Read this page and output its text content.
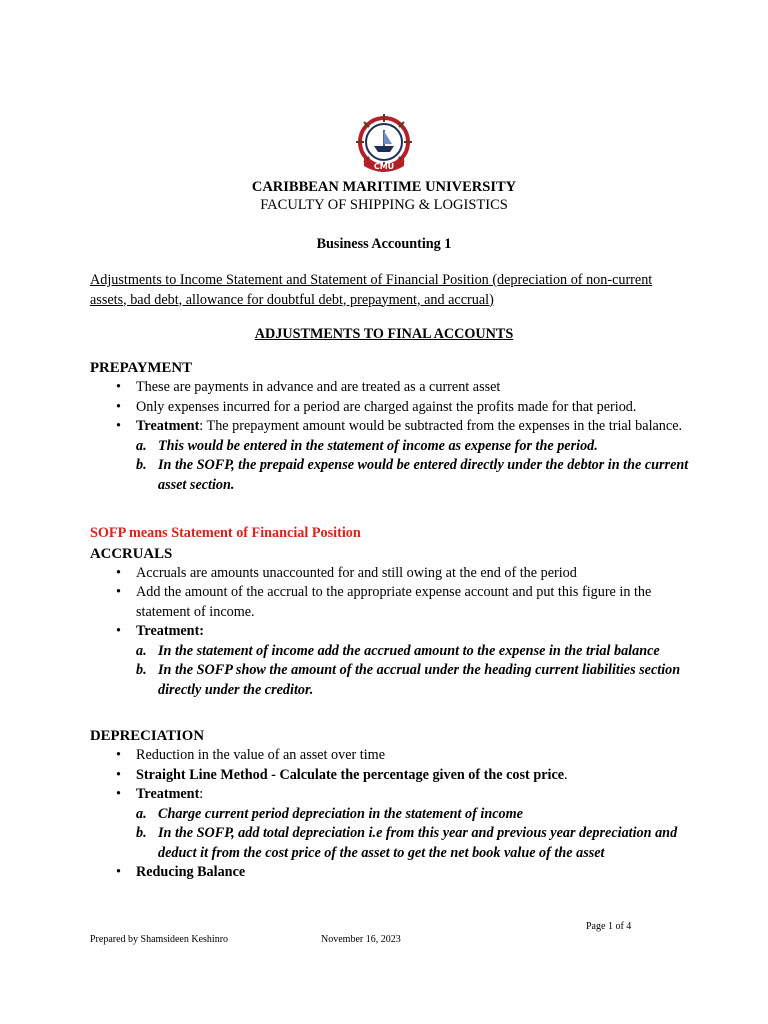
CMU
CARIBBEAN MARITIME UNIVERSITY
FACULTY OF SHIPPING & LOGISTICS
Business Accounting 1
Adjustments to Income Statement and Statement of Financial Position (depreciation of non-current assets, bad debt, allowance for doubtful debt, prepayment, and accrual)
ADJUSTMENTS TO FINAL ACCOUNTS
PREPAYMENT
• These are payments in advance and are treated as a current asset
• Only expenses incurred for a period are charged against the profits made for that period.
• Treatment: The prepayment amount would be subtracted from the expenses in the trial balance.
a. This would be entered in the statement of income as expense for the period.
b. In the SOFP, the prepaid expense would be entered directly under the debtor in the current asset section.
SOFP means Statement of Financial Position
ACCRUALS
• Accruals are amounts unaccounted for and still owing at the end of the period
• Add the amount of the accrual to the appropriate expense account and put this figure in the statement of income.
• Treatment:
a. In the statement of income add the accrued amount to the expense in the trial balance
b. In the SOFP show the amount of the accrual under the heading current liabilities section directly under the creditor.
DEPRECIATION
• Reduction in the value of an asset over time
• Straight Line Method - Calculate the percentage given of the cost price.
• Treatment:
a. Charge current period depreciation in the statement of income
b. In the SOFP, add total depreciation i.e from this year and previous year depreciation and deduct it from the cost price of the asset to get the net book value of the asset
• Reducing Balance
Page 1 of 4
Prepared by Shamsideen Keshinro	November 16, 2023
